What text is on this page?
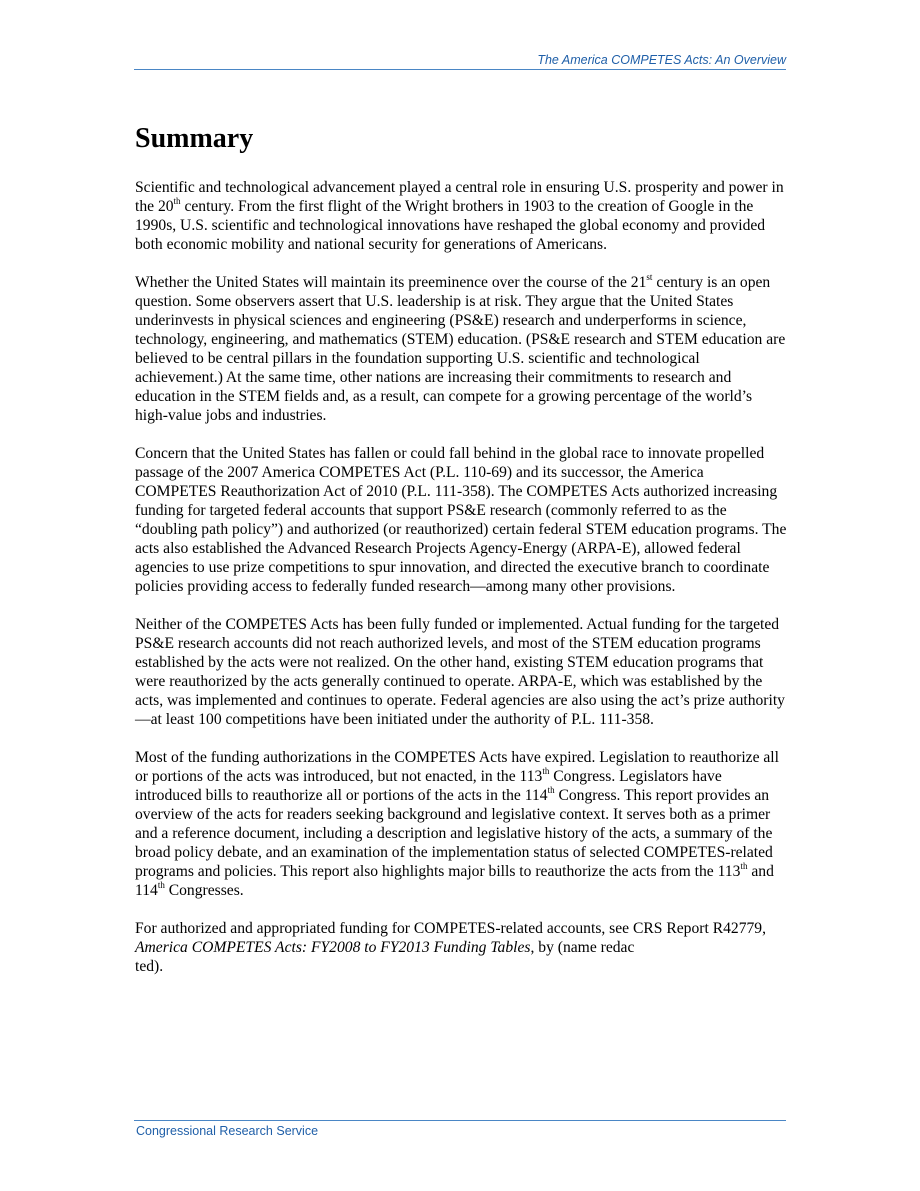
The America COMPETES Acts: An Overview
Summary

Scientific and technological advancement played a central role in ensuring U.S. prosperity and power in the 20th century. From the first flight of the Wright brothers in 1903 to the creation of Google in the 1990s, U.S. scientific and technological innovations have reshaped the global economy and provided both economic mobility and national security for generations of Americans.

Whether the United States will maintain its preeminence over the course of the 21st century is an open question. Some observers assert that U.S. leadership is at risk. They argue that the United States underinvests in physical sciences and engineering (PS&E) research and underperforms in science, technology, engineering, and mathematics (STEM) education. (PS&E research and STEM education are believed to be central pillars in the foundation supporting U.S. scientific and technological achievement.) At the same time, other nations are increasing their commitments to research and education in the STEM fields and, as a result, can compete for a growing percentage of the world’s high-value jobs and industries.

Concern that the United States has fallen or could fall behind in the global race to innovate propelled passage of the 2007 America COMPETES Act (P.L. 110-69) and its successor, the America COMPETES Reauthorization Act of 2010 (P.L. 111-358). The COMPETES Acts authorized increasing funding for targeted federal accounts that support PS&E research (commonly referred to as the “doubling path policy”) and authorized (or reauthorized) certain federal STEM education programs. The acts also established the Advanced Research Projects Agency-Energy (ARPA-E), allowed federal agencies to use prize competitions to spur innovation, and directed the executive branch to coordinate policies providing access to federally funded research—among many other provisions.

Neither of the COMPETES Acts has been fully funded or implemented. Actual funding for the targeted PS&E research accounts did not reach authorized levels, and most of the STEM education programs established by the acts were not realized. On the other hand, existing STEM education programs that were reauthorized by the acts generally continued to operate. ARPA-E, which was established by the acts, was implemented and continues to operate. Federal agencies are also using the act’s prize authority—at least 100 competitions have been initiated under the authority of P.L. 111-358.

Most of the funding authorizations in the COMPETES Acts have expired. Legislation to reauthorize all or portions of the acts was introduced, but not enacted, in the 113th Congress. Legislators have introduced bills to reauthorize all or portions of the acts in the 114th Congress. This report provides an overview of the acts for readers seeking background and legislative context. It serves both as a primer and a reference document, including a description and legislative history of the acts, a summary of the broad policy debate, and an examination of the implementation status of selected COMPETES-related programs and policies. This report also highlights major bills to reauthorize the acts from the 113th and 114th Congresses.

For authorized and appropriated funding for COMPETES-related accounts, see CRS Report R42779, America COMPETES Acts: FY2008 to FY2013 Funding Tables, by (name redac
ted).

Congressional Research Service
